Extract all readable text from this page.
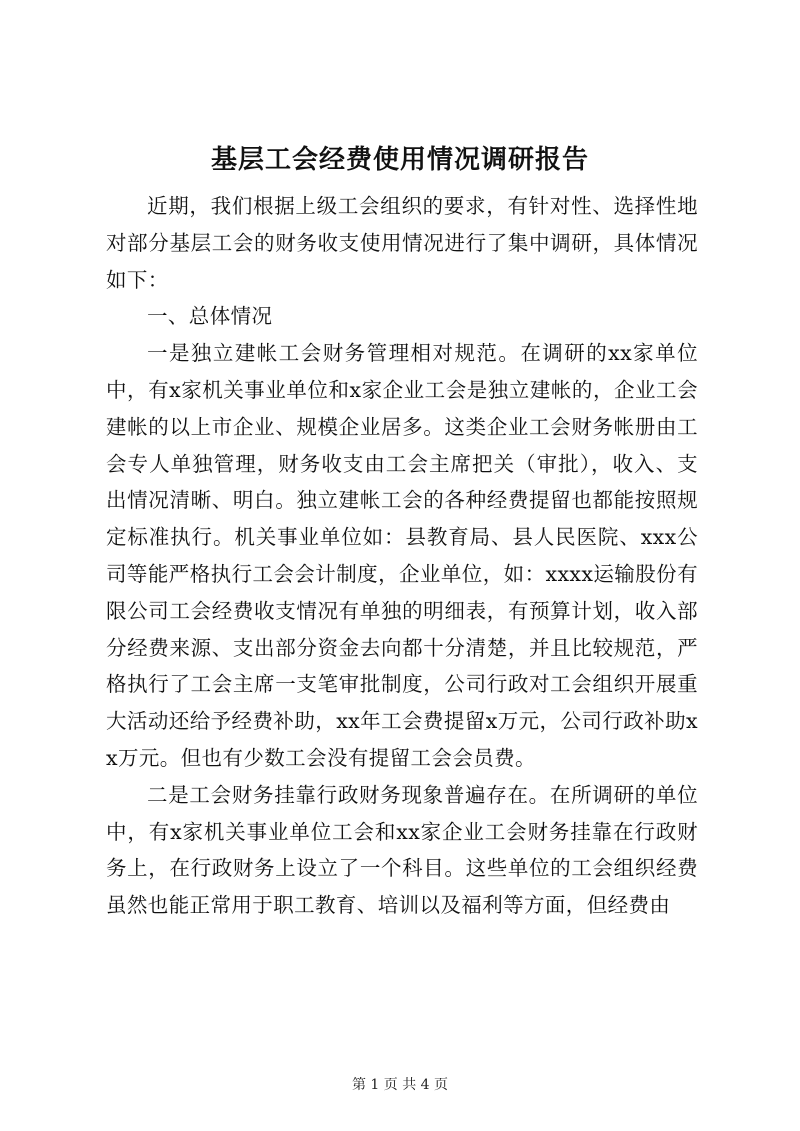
基层工会经费使用情况调研报告

近期，我们根据上级工会组织的要求，有针对性、选择性地对部分基层工会的财务收支使用情况进行了集中调研，具体情况如下：

一、总体情况

一是独立建帐工会财务管理相对规范。在调研的xx家单位中，有x家机关事业单位和x家企业工会是独立建帐的，企业工会建帐的以上市企业、规模企业居多。这类企业工会财务帐册由工会专人单独管理，财务收支由工会主席把关（审批），收入、支出情况清晰、明白。独立建帐工会的各种经费提留也都能按照规定标准执行。机关事业单位如：县教育局、县人民医院、xxx公司等能严格执行工会会计制度，企业单位，如：xxxx运输股份有限公司工会经费收支情况有单独的明细表，有预算计划，收入部分经费来源、支出部分资金去向都十分清楚，并且比较规范，严格执行了工会主席一支笔审批制度，公司行政对工会组织开展重大活动还给予经费补助，xx年工会费提留x万元，公司行政补助xx万元。但也有少数工会没有提留工会会员费。

二是工会财务挂靠行政财务现象普遍存在。在所调研的单位中，有x家机关事业单位工会和xx家企业工会财务挂靠在行政财务上，在行政财务上设立了一个科目。这些单位的工会组织经费虽然也能正常用于职工教育、培训以及福利等方面，但经费由

第 1 页 共 4 页
